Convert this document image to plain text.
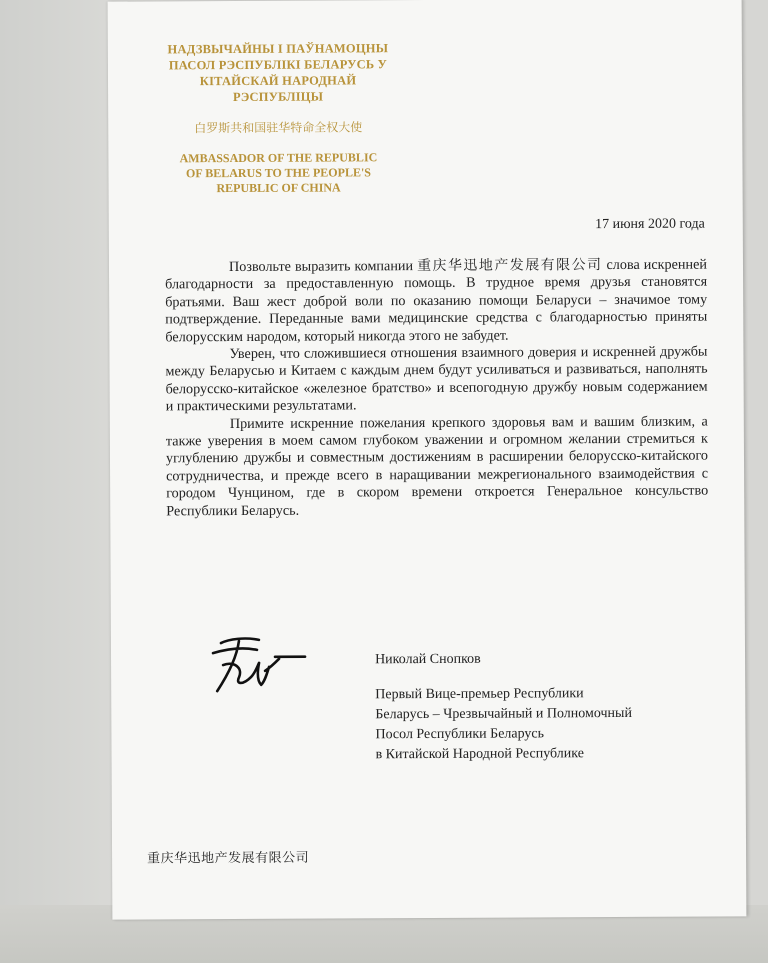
НАДЗВЫЧАЙНЫ І ПАЎНАМОЦНЫ
ПАСОЛ РЭСПУБЛІКІ БЕЛАРУСЬ У
КІТАЙСКАЙ НАРОДНАЙ
РЭСПУБЛІЦЫ
白罗斯共和国驻华特命全权大使
AMBASSADOR OF THE REPUBLIC
OF BELARUS TO THE PEOPLE'S
REPUBLIC OF CHINA
17 июня 2020 года

Позвольте выразить компании 重庆华迅地产发展有限公司 слова искренней благодарности за предоставленную помощь. В трудное время друзья становятся братьями. Ваш жест доброй воли по оказанию помощи Беларуси – значимое тому подтверждение. Переданные вами медицинские средства с благодарностью приняты белорусским народом, который никогда этого не забудет.

Уверен, что сложившиеся отношения взаимного доверия и искренней дружбы между Беларусью и Китаем с каждым днем будут усиливаться и развиваться, наполнять белорусско-китайское «железное братство» и всепогодную дружбу новым содержанием и практическими результатами.

Примите искренние пожелания крепкого здоровья вам и вашим близким, а также уверения в моем самом глубоком уважении и огромном желании стремиться к углублению дружбы и совместным достижениям в расширении белорусско-китайского сотрудничества, и прежде всего в наращивании межрегионального взаимодействия с городом Чунцином, где в скором времени откроется Генеральное консульство Республики Беларусь.

Николай Снопков
Первый Вице-премьер Республики
Беларусь – Чрезвычайный и Полномочный
Посол Республики Беларусь
в Китайской Народной Республике
重庆华迅地产发展有限公司
